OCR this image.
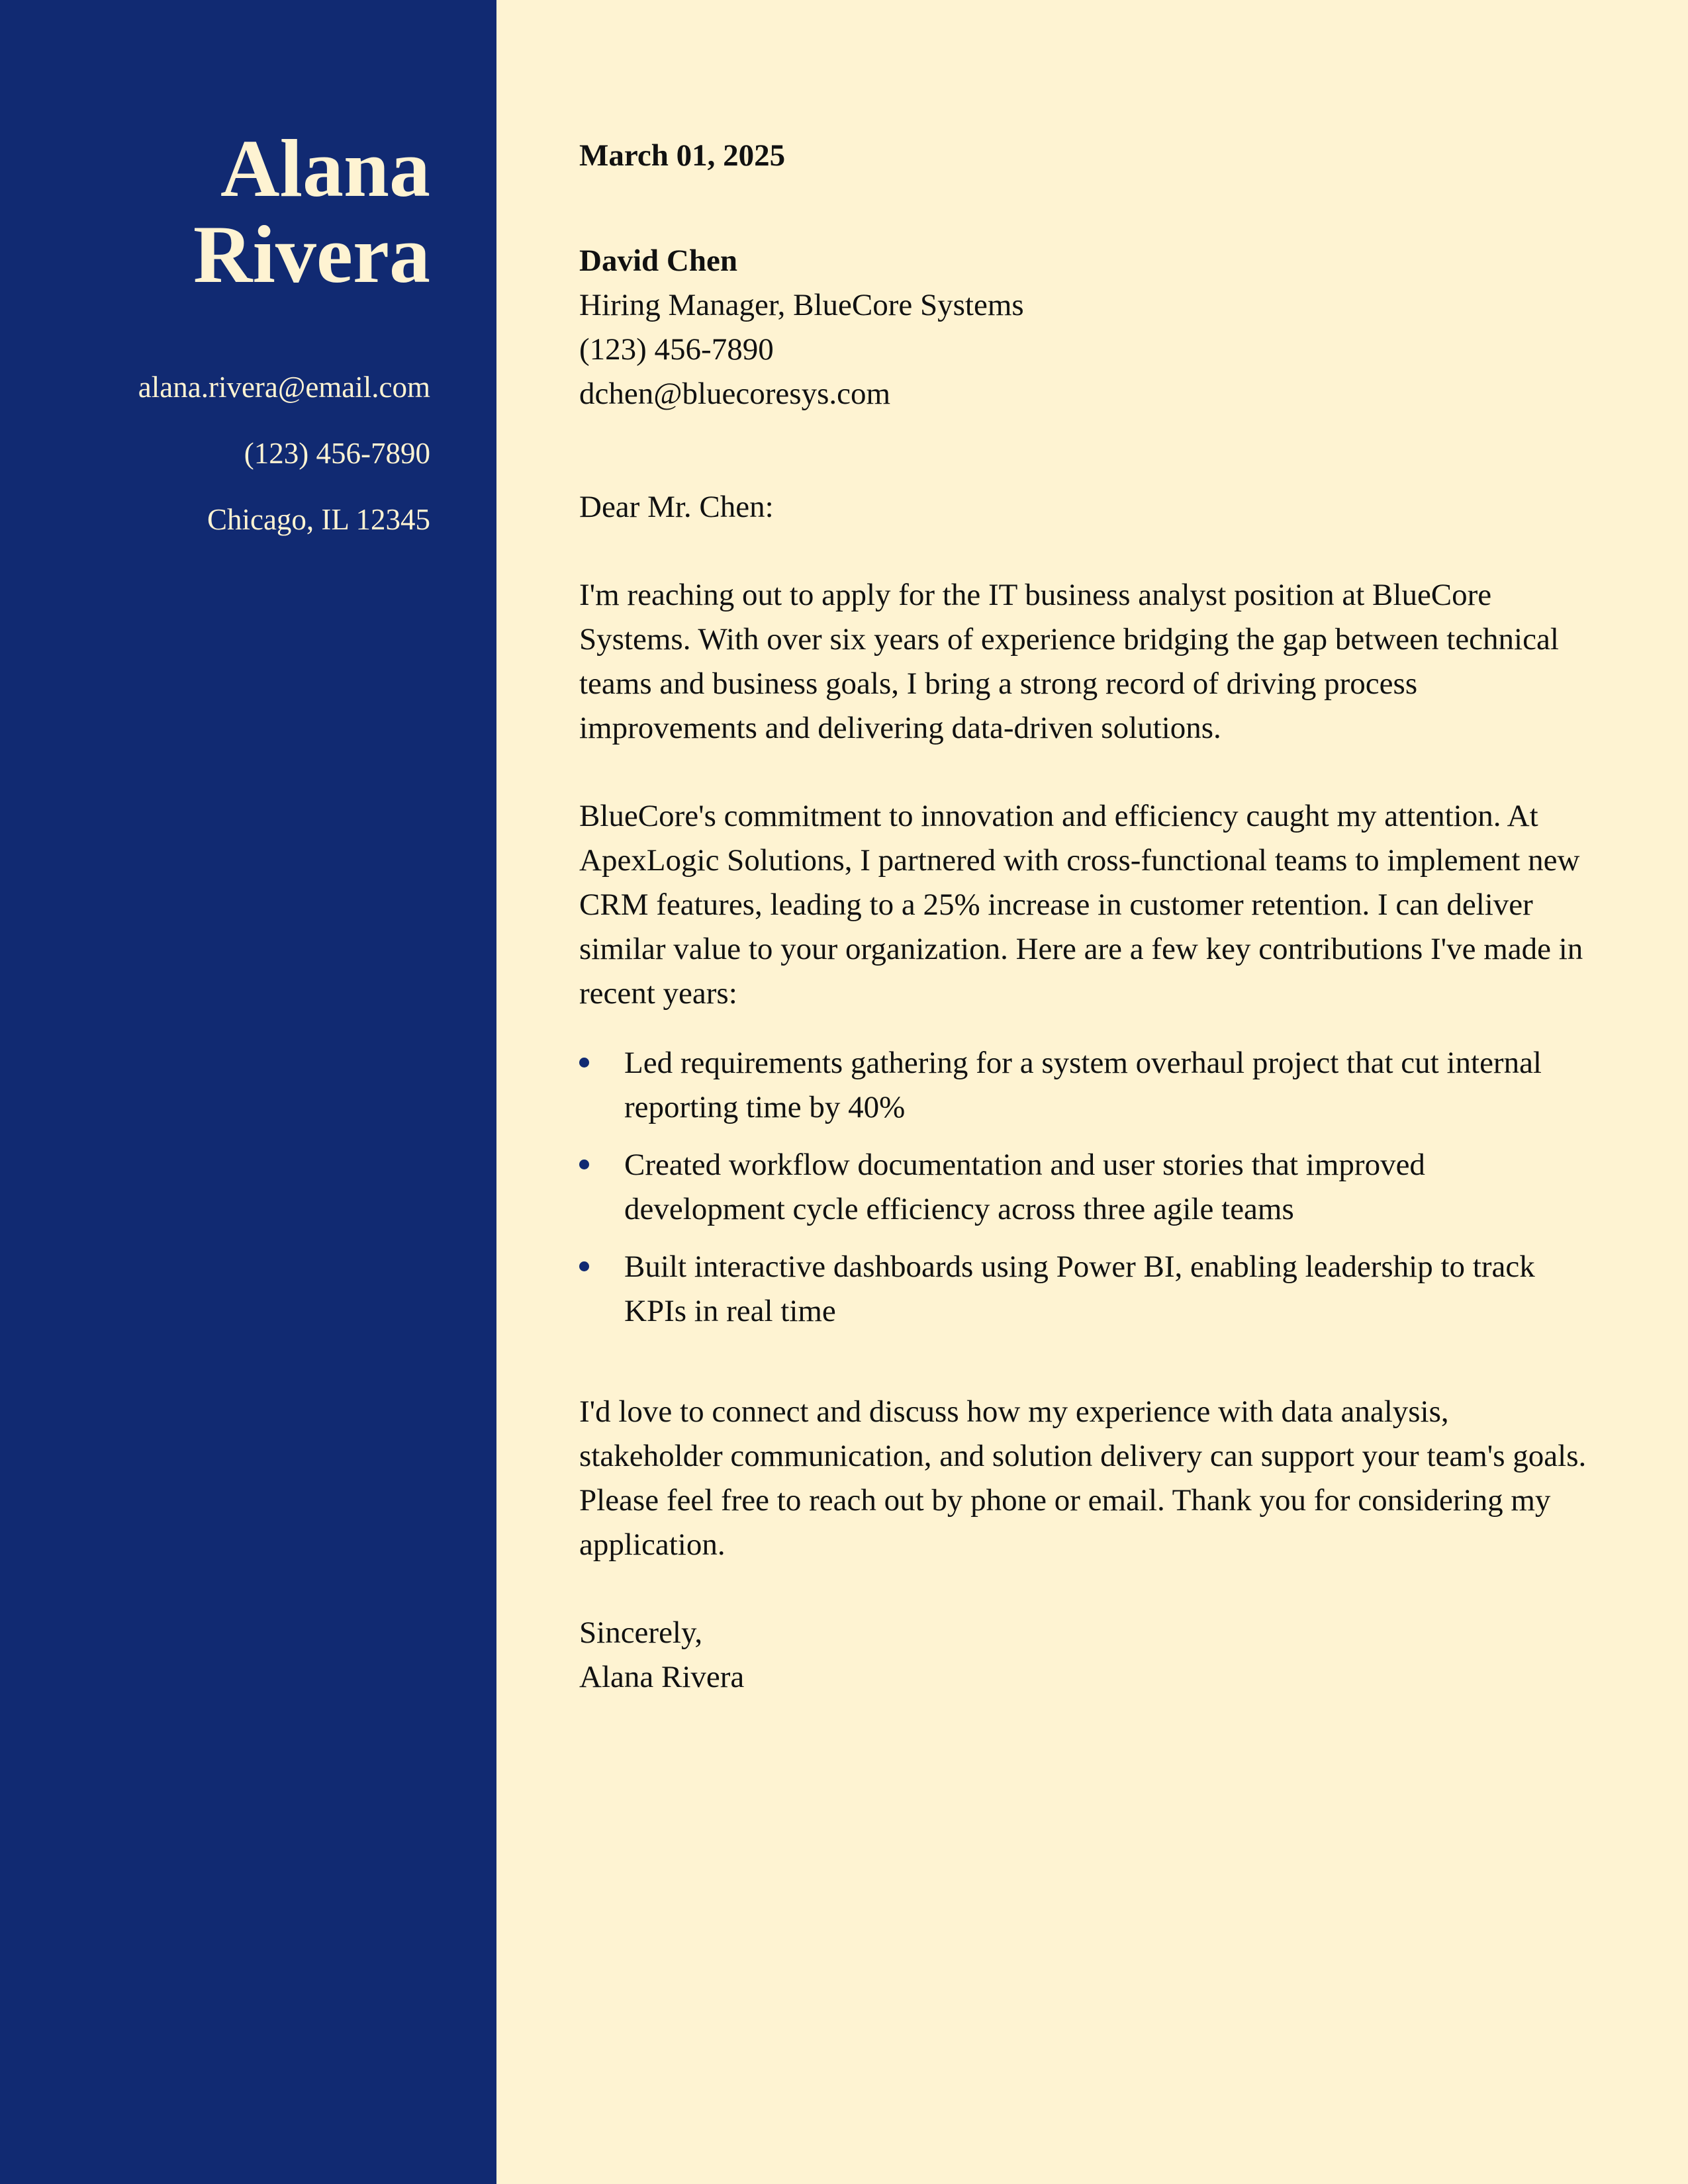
Alana
Rivera
alana.rivera@email.com
(123) 456-7890
Chicago, IL 12345
March 01, 2025
David Chen
Hiring Manager, BlueCore Systems
(123) 456-7890
dchen@bluecoresys.com
Dear Mr. Chen:

I'm reaching out to apply for the IT business analyst position at BlueCore Systems. With over six years of experience bridging the gap between technical teams and business goals, I bring a strong record of driving process improvements and delivering data-driven solutions.

BlueCore's commitment to innovation and efficiency caught my attention. At ApexLogic Solutions, I partnered with cross-functional teams to implement new CRM features, leading to a 25% increase in customer retention. I can deliver similar value to your organization. Here are a few key contributions I've made in recent years:

Led requirements gathering for a system overhaul project that cut internal reporting time by 40%
Created workflow documentation and user stories that improved development cycle efficiency across three agile teams
Built interactive dashboards using Power BI, enabling leadership to track KPIs in real time

I'd love to connect and discuss how my experience with data analysis, stakeholder communication, and solution delivery can support your team's goals. Please feel free to reach out by phone or email. Thank you for considering my application.

Sincerely,
Alana Rivera
